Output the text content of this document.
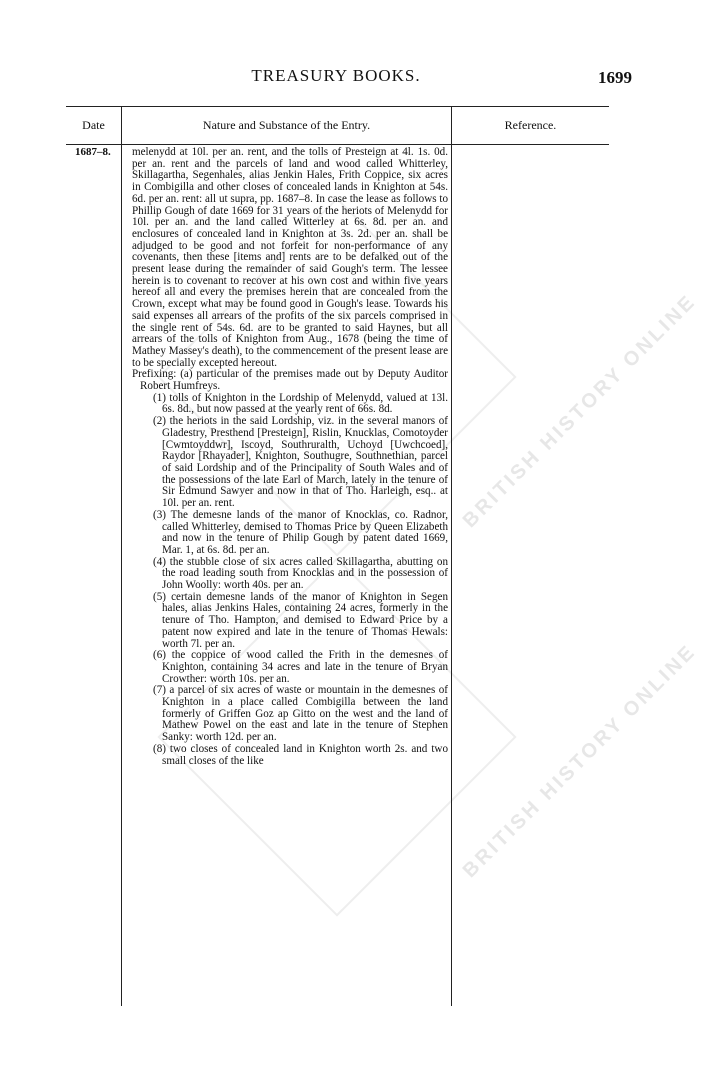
BRITISH HISTORY ONLINE
BRITISH HISTORY ONLINE
TREASURY BOOKS.	1699
Date	Nature and Substance of the Entry.	Reference.
1687–8. melenydd at 10l. per an. rent, and the tolls of Presteign at 4l. 1s. 0d. per an. rent and the parcels of land and wood called Whitterley, Skillagartha, Segenhales, alias Jenkin Hales, Frith Coppice, six acres in Combigilla and other closes of concealed lands in Knighton at 54s. 6d. per an. rent: all ut supra, pp. 1687–8. In case the lease as follows to Phillip Gough of date 1669 for 31 years of the heriots of Melenydd for 10l. per an. and the land called Witterley at 6s. 8d. per an. and enclosures of concealed land in Knighton at 3s. 2d. per an. shall be adjudged to be good and not forfeit for non-performance of any covenants, then these [items and] rents are to be defalked out of the present lease during the remainder of said Gough's term. The lessee herein is to covenant to recover at his own cost and within five years hereof all and every the premises herein that are concealed from the Crown, except what may be found good in Gough's lease. Towards his said expenses all arrears of the profits of the six parcels comprised in the single rent of 54s. 6d. are to be granted to said Haynes, but all arrears of the tolls of Knighton from Aug., 1678 (being the time of Mathey Massey's death), to the commencement of the present lease are to be specially excepted hereout.

Prefixing: (a) particular of the premises made out by Deputy Auditor Robert Humfreys.

(1) tolls of Knighton in the Lordship of Melenydd, valued at 13l. 6s. 8d., but now passed at the yearly rent of 66s. 8d.

(2) the heriots in the said Lordship, viz. in the several manors of Gladestry, Presthend [Presteign], Rislin, Knucklas, Comotoyder [Cwmtoyddwr], Iscoyd, Southruralth, Uchoyd [Uwchcoed], Raydor [Rhayader], Knighton, Southugre, Southnethian, parcel of said Lordship and of the Principality of South Wales and of the possessions of the late Earl of March, lately in the tenure of Sir Edmund Sawyer and now in that of Tho. Harleigh, esq.. at 10l. per an. rent.

(3) The demesne lands of the manor of Knocklas, co. Radnor, called Whitterley, demised to Thomas Price by Queen Elizabeth and now in the tenure of Philip Gough by patent dated 1669, Mar. 1, at 6s. 8d. per an.

(4) the stubble close of six acres called Skillagartha, abutting on the road leading south from Knocklas and in the possession of John Woolly: worth 40s. per an.

(5) certain demesne lands of the manor of Knighton in Segen hales, alias Jenkins Hales, containing 24 acres, formerly in the tenure of Tho. Hampton, and demised to Edward Price by a patent now expired and late in the tenure of Thomas Hewals: worth 7l. per an.

(6) the coppice of wood called the Frith in the demesnes of Knighton, containing 34 acres and late in the tenure of Bryan Crowther: worth 10s. per an.

(7) a parcel of six acres of waste or mountain in the demesnes of Knighton in a place called Combigilla between the land formerly of Griffen Goz ap Gitto on the west and the land of Mathew Powel on the east and late in the tenure of Stephen Sanky: worth 12d. per an.

(8) two closes of concealed land in Knighton worth 2s. and two small closes of the like
